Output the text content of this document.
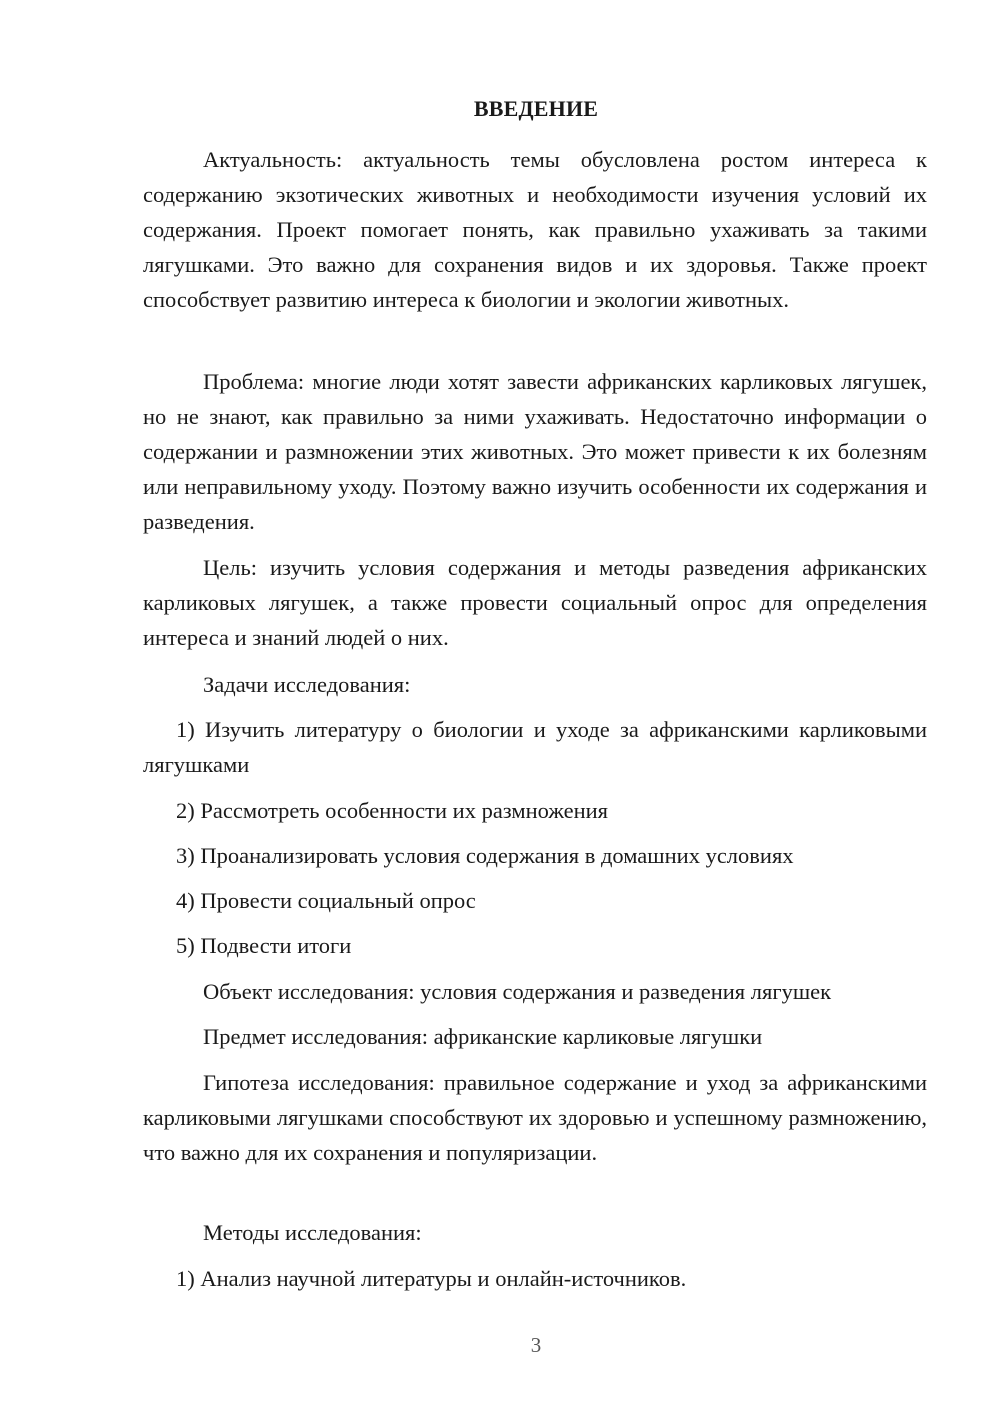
ВВЕДЕНИЕ

Актуальность: актуальность темы обусловлена ростом интереса к содержанию экзотических животных и необходимости изучения условий их содержания. Проект помогает понять, как правильно ухаживать за такими лягушками. Это важно для сохранения видов и их здоровья. Также проект способствует развитию интереса к биологии и экологии животных.

Проблема: многие люди хотят завести африканских карликовых лягушек, но не знают, как правильно за ними ухаживать. Недостаточно информации о содержании и размножении этих животных. Это может привести к их болезням или неправильному уходу. Поэтому важно изучить особенности их содержания и разведения.

Цель: изучить условия содержания и методы разведения африканских карликовых лягушек, а также провести социальный опрос для определения интереса и знаний людей о них.

Задачи исследования:

1) Изучить литературу о биологии и уходе за африканскими карликовыми лягушками

2) Рассмотреть особенности их размножения

3) Проанализировать условия содержания в домашних условиях

4) Провести социальный опрос

5) Подвести итоги

Объект исследования: условия содержания и разведения лягушек

Предмет исследования: африканские карликовые лягушки

Гипотеза исследования: правильное содержание и уход за африканскими карликовыми лягушками способствуют их здоровью и успешному размножению, что важно для их сохранения и популяризации.

Методы исследования:

1) Анализ научной литературы и онлайн-источников.

3
